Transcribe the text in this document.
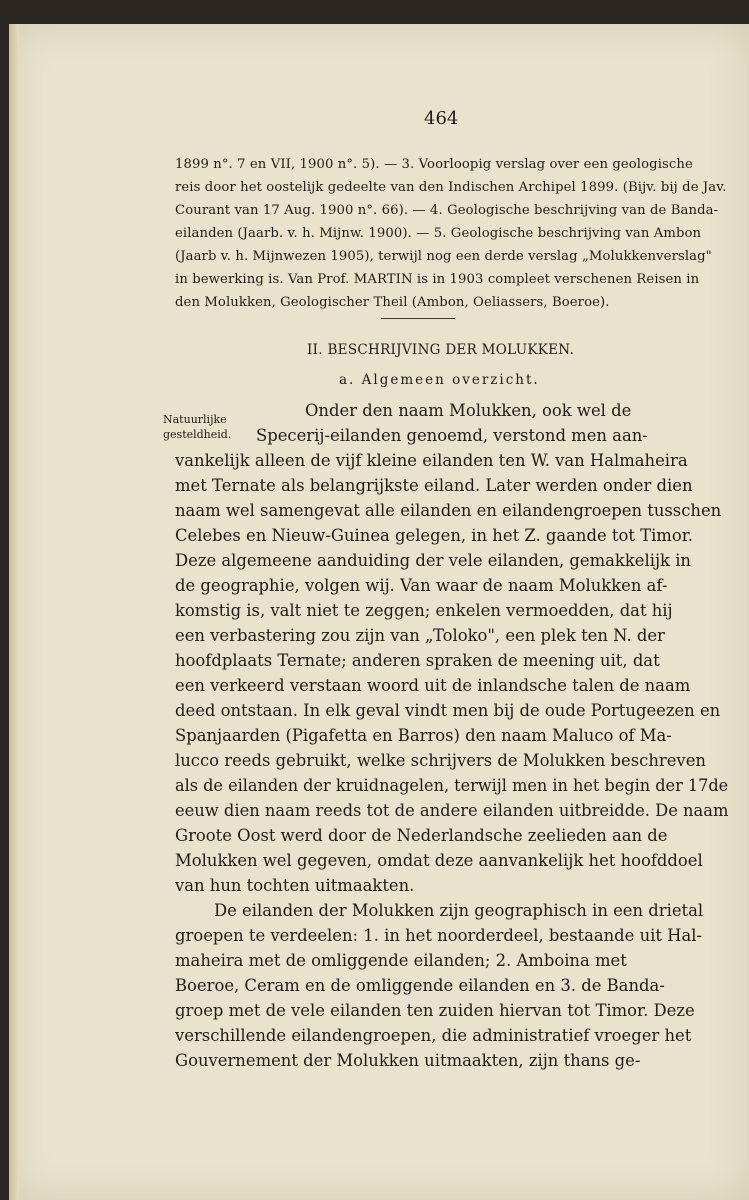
464
1899 n°. 7 en VII, 1900 n°. 5). — 3. Voorloopig verslag over een geologische
reis door het oostelijk gedeelte van den Indischen Archipel 1899. (Bijv. bij de Jav.
Courant van 17 Aug. 1900 n°. 66). — 4. Geologische beschrijving van de Banda-
eilanden (Jaarb. v. h. Mijnw. 1900). — 5. Geologische beschrijving van Ambon
(Jaarb v. h. Mijnwezen 1905), terwijl nog een derde verslag „Molukkenverslag"
in bewerking is. Van Prof. MARTIN is in 1903 compleet verschenen Reisen in
den Molukken, Geologischer Theil (Ambon, Oeliassers, Boeroe).
II. BESCHRIJVING DER MOLUKKEN.
a. Algemeen overzicht.
Natuurlijke
gesteldheid.
Onder den naam Molukken, ook wel de
Specerij-eilanden genoemd, verstond men aan-
vankelijk alleen de vijf kleine eilanden ten W. van Halmaheira
met Ternate als belangrijkste eiland. Later werden onder dien
naam wel samengevat alle eilanden en eilandengroepen tusschen
Celebes en Nieuw-Guinea gelegen, in het Z. gaande tot Timor.
Deze algemeene aanduiding der vele eilanden, gemakkelijk in
de geographie, volgen wij. Van waar de naam Molukken af-
komstig is, valt niet te zeggen; enkelen vermoedden, dat hij
een verbastering zou zijn van „Toloko", een plek ten N. der
hoofdplaats Ternate; anderen spraken de meening uit, dat
een verkeerd verstaan woord uit de inlandsche talen de naam
deed ontstaan. In elk geval vindt men bij de oude Portugeezen en
Spanjaarden (Pigafetta en Barros) den naam Maluco of Ma-
lucco reeds gebruikt, welke schrijvers de Molukken beschreven
als de eilanden der kruidnagelen, terwijl men in het begin der 17de
eeuw dien naam reeds tot de andere eilanden uitbreidde. De naam
Groote Oost werd door de Nederlandsche zeelieden aan de
Molukken wel gegeven, omdat deze aanvankelijk het hoofddoel
van hun tochten uitmaakten.
De eilanden der Molukken zijn geographisch in een drietal
groepen te verdeelen: 1. in het noorderdeel, bestaande uit Hal-
maheira met de omliggende eilanden; 2. Amboina met
Boeroe, Ceram en de omliggende eilanden en 3. de Banda-
groep met de vele eilanden ten zuiden hiervan tot Timor. Deze
verschillende eilandengroepen, die administratief vroeger het
Gouvernement der Molukken uitmaakten, zijn thans ge-
